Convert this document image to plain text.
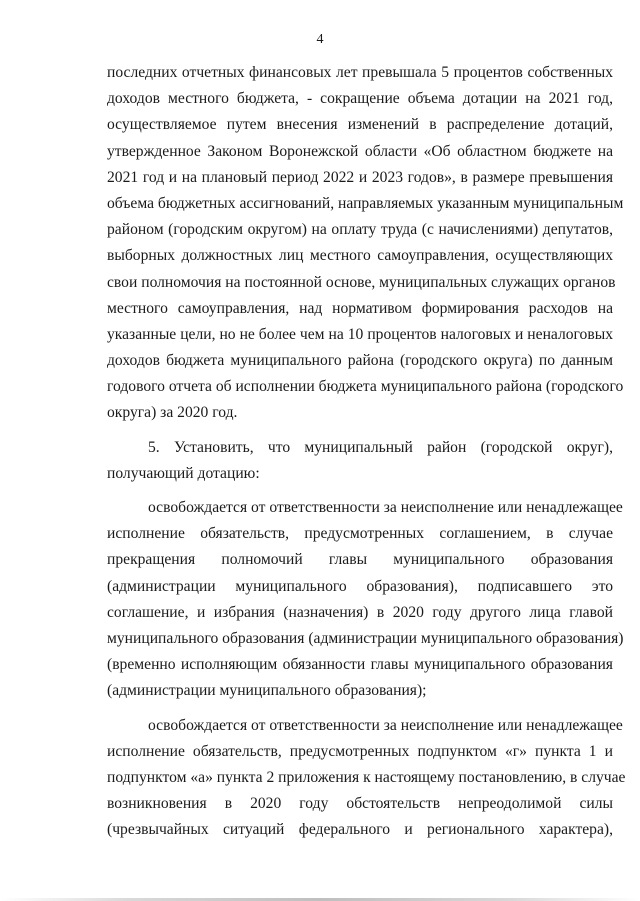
4
последних отчетных финансовых лет превышала 5 процентов собственных
доходов местного бюджета, - сокращение объема дотации на 2021 год,
осуществляемое путем внесения изменений в распределение дотаций,
утвержденное Законом Воронежской области «Об областном бюджете на
2021 год и на плановый период 2022 и 2023 годов», в размере превышения
объема бюджетных ассигнований, направляемых указанным муниципальным
районом (городским округом) на оплату труда (с начислениями) депутатов,
выборных должностных лиц местного самоуправления, осуществляющих
свои полномочия на постоянной основе, муниципальных служащих органов
местного самоуправления, над нормативом формирования расходов на
указанные цели, но не более чем на 10 процентов налоговых и неналоговых
доходов бюджета муниципального района (городского округа) по данным
годового отчета об исполнении бюджета муниципального района (городского
округа) за 2020 год.
5. Установить, что муниципальный район (городской округ),
получающий дотацию:
освобождается от ответственности за неисполнение или ненадлежащее
исполнение обязательств, предусмотренных соглашением, в случае
прекращения полномочий главы муниципального образования
(администрации муниципального образования), подписавшего это
соглашение, и избрания (назначения) в 2020 году другого лица главой
муниципального образования (администрации муниципального образования)
(временно исполняющим обязанности главы муниципального образования
(администрации муниципального образования);
освобождается от ответственности за неисполнение или ненадлежащее
исполнение обязательств, предусмотренных подпунктом «г» пункта 1 и
подпунктом «а» пункта 2 приложения к настоящему постановлению, в случае
возникновения в 2020 году обстоятельств непреодолимой силы
(чрезвычайных ситуаций федерального и регионального характера),
